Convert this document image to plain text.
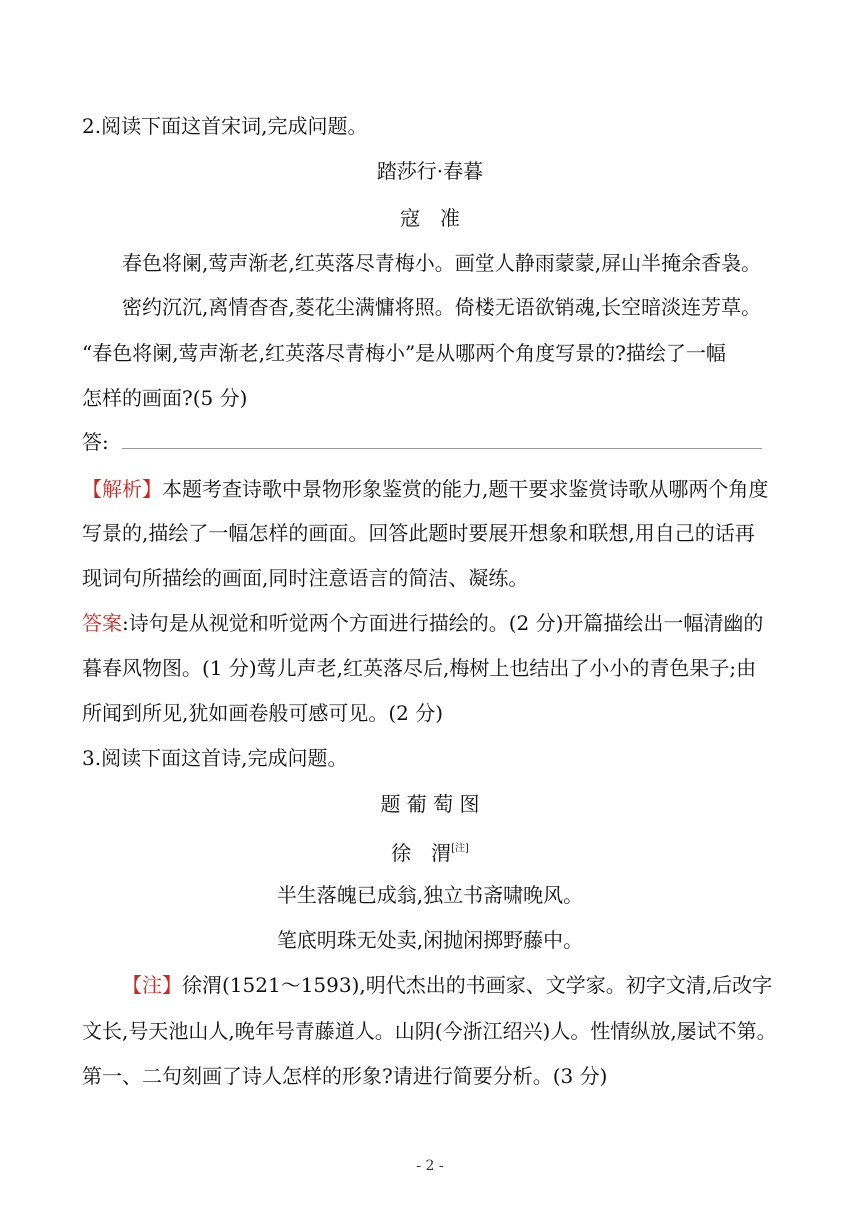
2.阅读下面这首宋词,完成问题。
踏莎行·春暮
寇　准
春色将阑,莺声渐老,红英落尽青梅小。画堂人静雨蒙蒙,屏山半掩余香袅。
密约沉沉,离情杳杳,菱花尘满慵将照。倚楼无语欲销魂,长空暗淡连芳草。
“春色将阑,莺声渐老,红英落尽青梅小”是从哪两个角度写景的?描绘了一幅
怎样的画面?(5 分)
答:
【解析】本题考查诗歌中景物形象鉴赏的能力,题干要求鉴赏诗歌从哪两个角度
写景的,描绘了一幅怎样的画面。回答此题时要展开想象和联想,用自己的话再
现词句所描绘的画面,同时注意语言的简洁、凝练。
答案:诗句是从视觉和听觉两个方面进行描绘的。(2 分)开篇描绘出一幅清幽的
暮春风物图。(1 分)莺儿声老,红英落尽后,梅树上也结出了小小的青色果子;由
所闻到所见,犹如画卷般可感可见。(2 分)
3.阅读下面这首诗,完成问题。
题 葡 萄 图
徐　渭[注]
半生落魄已成翁,独立书斋啸晚风。
笔底明珠无处卖,闲抛闲掷野藤中。
【注】徐渭(1521～1593),明代杰出的书画家、文学家。初字文清,后改字
文长,号天池山人,晚年号青藤道人。山阴(今浙江绍兴)人。性情纵放,屡试不第。
第一、二句刻画了诗人怎样的形象?请进行简要分析。(3 分)
- 2 -
